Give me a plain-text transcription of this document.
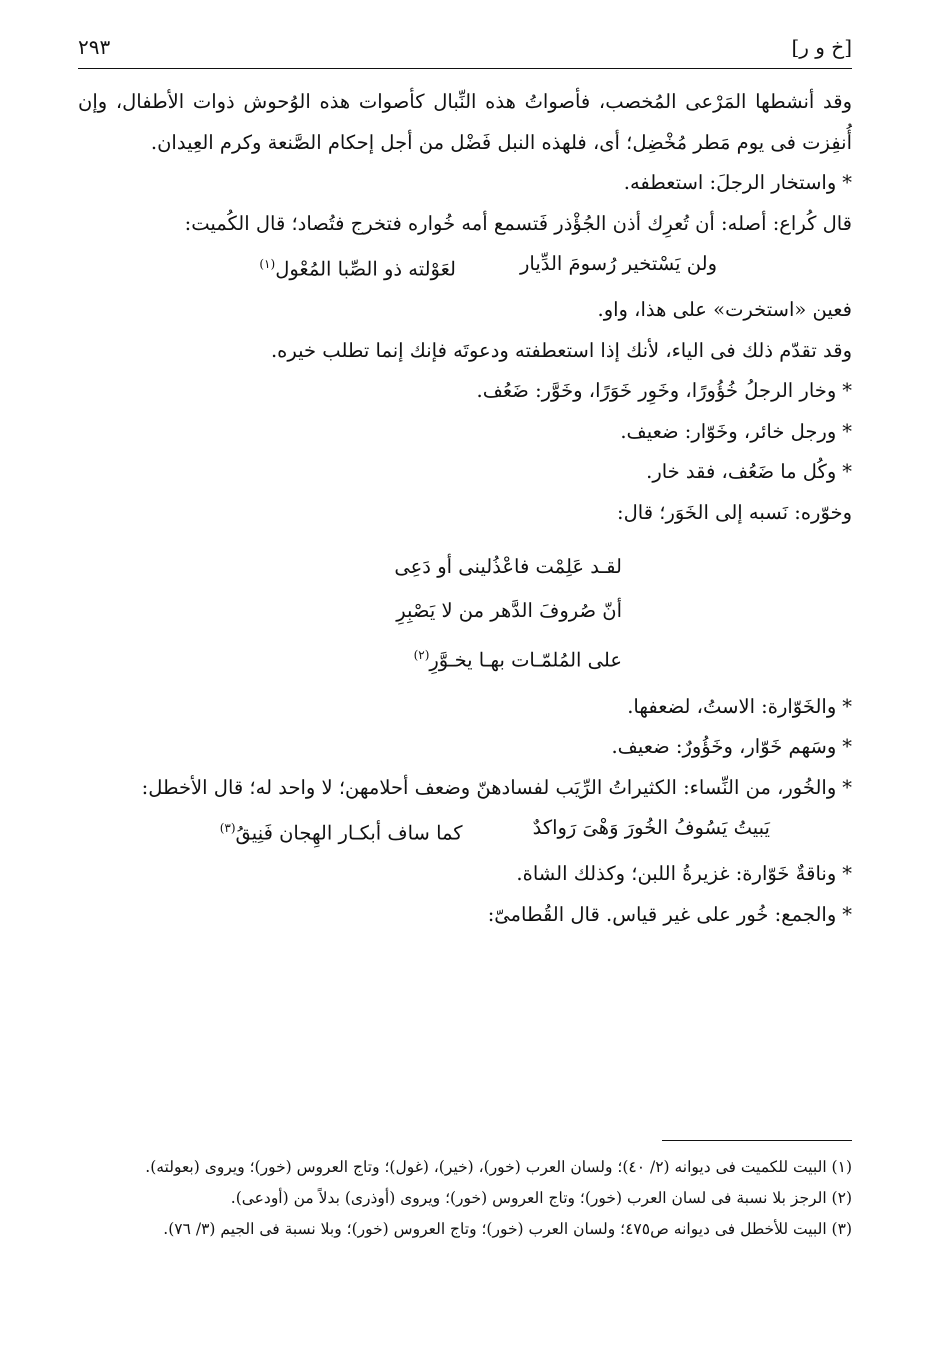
[خ و ر]
٢٩٣

وقد أنشطها المَرْعى المُخصب، فأصواتُ هذه النِّبال كأصوات هذه الوُحوش ذوات الأطفال، وإن أُنفِزت فى يوم مَطر مُخْضِل؛ أى، فلهذه النبل فَضْل من أجل إحكام الصَّنعة وكرم العِيدان.

*واستخار الرجلَ: استعطفه.

قال كُراع: أصله: أن تُعرِك أذن الجُؤْذر فَتسمع أمه خُواره فتخرج فتُصاد؛ قال الكُميت:

ولن يَسْتخير رُسومَ الدِّيار
لعَوْلته ذو الصِّبا المُعْول$^{(١)}$

فعين «استخرت» على هذا، واو.

وقد تقدّم ذلك فى الياء، لأنك إذا استعطفته ودعوتَه فإنك إنما تطلب خيره.

*وخار الرجلُ خُؤُورًا، وخَوِر خَوَرًا، وخَوَّر: ضَعُف.

*ورجل خائر، وخَوّار: ضعيف.

*وكُل ما ضَعُف، فقد خار.

وخوّره: نَسبه إلى الخَوَر؛ قال:

لقـد عَلِمْت فاعْذُلينى أو دَعِى
أنّ صُروفَ الدَّهر من لا يَصْبِرِ
على المُلمّـات بهـا يخـوَّرِ$^{(٢)}$

*والخَوّارة: الاستُ، لضعفها.

*وسَهم خَوّار، وخَؤُورٌ: ضعيف.

*والخُور، من النِّساء: الكثيراتُ الرِّيَب لفسادهنّ وضعف أحلامهن؛ لا واحد له؛ قال الأخطل:

يَبيتُ يَسُوفُ الخُورَ وَهْىَ رَواكدٌ
كما ساف أبكـار الهِجان فَنِيقُ$^{(٣)}$

*وناقةٌ خَوّارة: غزيرةُ اللبن؛ وكذلك الشاة.

*والجمع: خُور على غير قياس. قال القُطامىّ:

(١) البيت للكميت فى ديوانه (٢/ ٤٠)؛ ولسان العرب (خور)، (خير)، (غول)؛ وتاج العروس (خور)؛ ويروى (بعولته).

(٢) الرجز بلا نسبة فى لسان العرب (خور)؛ وتاج العروس (خور)؛ ويروى (أوذرى) بدلاً من (أودعى).

(٣) البيت للأخطل فى ديوانه ص٤٧٥؛ ولسان العرب (خور)؛ وتاج العروس (خور)؛ وبلا نسبة فى الجيم (٣/ ٧٦).
